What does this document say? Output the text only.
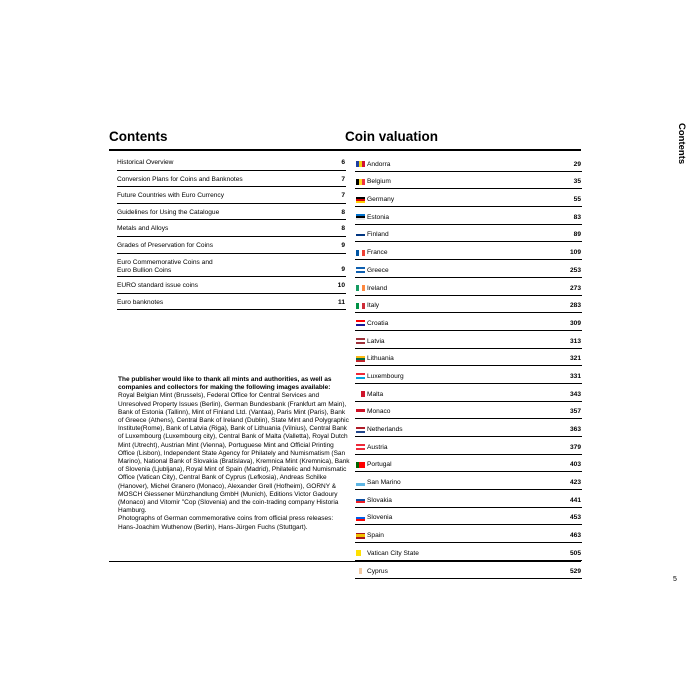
Contents	Coin valuation
Historical Overview	6
Conversion Plans for Coins and Banknotes	7
Future Countries with Euro Currency	7
Guidelines for Using the Catalogue	8
Metals and Alloys	8
Grades of Preservation for Coins	9
Euro Commemorative Coins and
Euro Bullion Coins	9
EURO standard issue coins	10
Euro banknotes	11
Andorra	29
Belgium	35
Germany	55
Estonia	83
Finland	89
France	109
Greece	253
Ireland	273
Italy	283
Croatia	309
Latvia	313
Lithuania	321
Luxembourg	331
Malta	343
Monaco	357
Netherlands	363
Austria	379
Portugal	403
San Marino	423
Slovakia	441
Slovenia	453
Spain	463
Vatican City State	505
Cyprus	529
The publisher would like to thank all mints and authorities, as well as companies and collectors for making the following images available:
Royal Belgian Mint (Brussels), Federal Office for Central Services and Unresolved Property Issues (Berlin), German Bundesbank (Frankfurt am Main), Bank of Estonia (Tallinn), Mint of Finland Ltd. (Vantaa), Paris Mint (Paris), Bank of Greece (Athens), Central Bank of Ireland (Dublin), State Mint and Polygraphic Institute(Rome), Bank of Latvia (Riga), Bank of Lithuania (Vilnius), Central Bank of Luxembourg (Luxembourg city), Central Bank of Malta (Valletta), Royal Dutch Mint (Utrecht), Austrian Mint (Vienna), Portuguese Mint and Official Printing Office (Lisbon), Independent State Agency for Philately and Numismatism (San Marino), National Bank of Slovakia (Bratislava), Kremnica Mint (Kremnica), Bank of Slovenia (Ljubljana), Royal Mint of Spain (Madrid), Philatelic and Numismatic Office (Vatican City), Central Bank of Cyprus (Lefkosia), Andreas Schilke (Hanover), Michel Granero (Monaco), Alexander Grell (Hofheim), GORNY & MOSCH Giessener Münzhandlung GmbH (Munich), Editions Victor Gadoury (Monaco) and Vitomir "Cop (Slovenia) and the coin-trading company Historia Hamburg.
Photographs of German commemorative coins from official press releases: Hans-Joachim Wuthenow (Berlin), Hans-Jürgen Fuchs (Stuttgart).
Contents
5
